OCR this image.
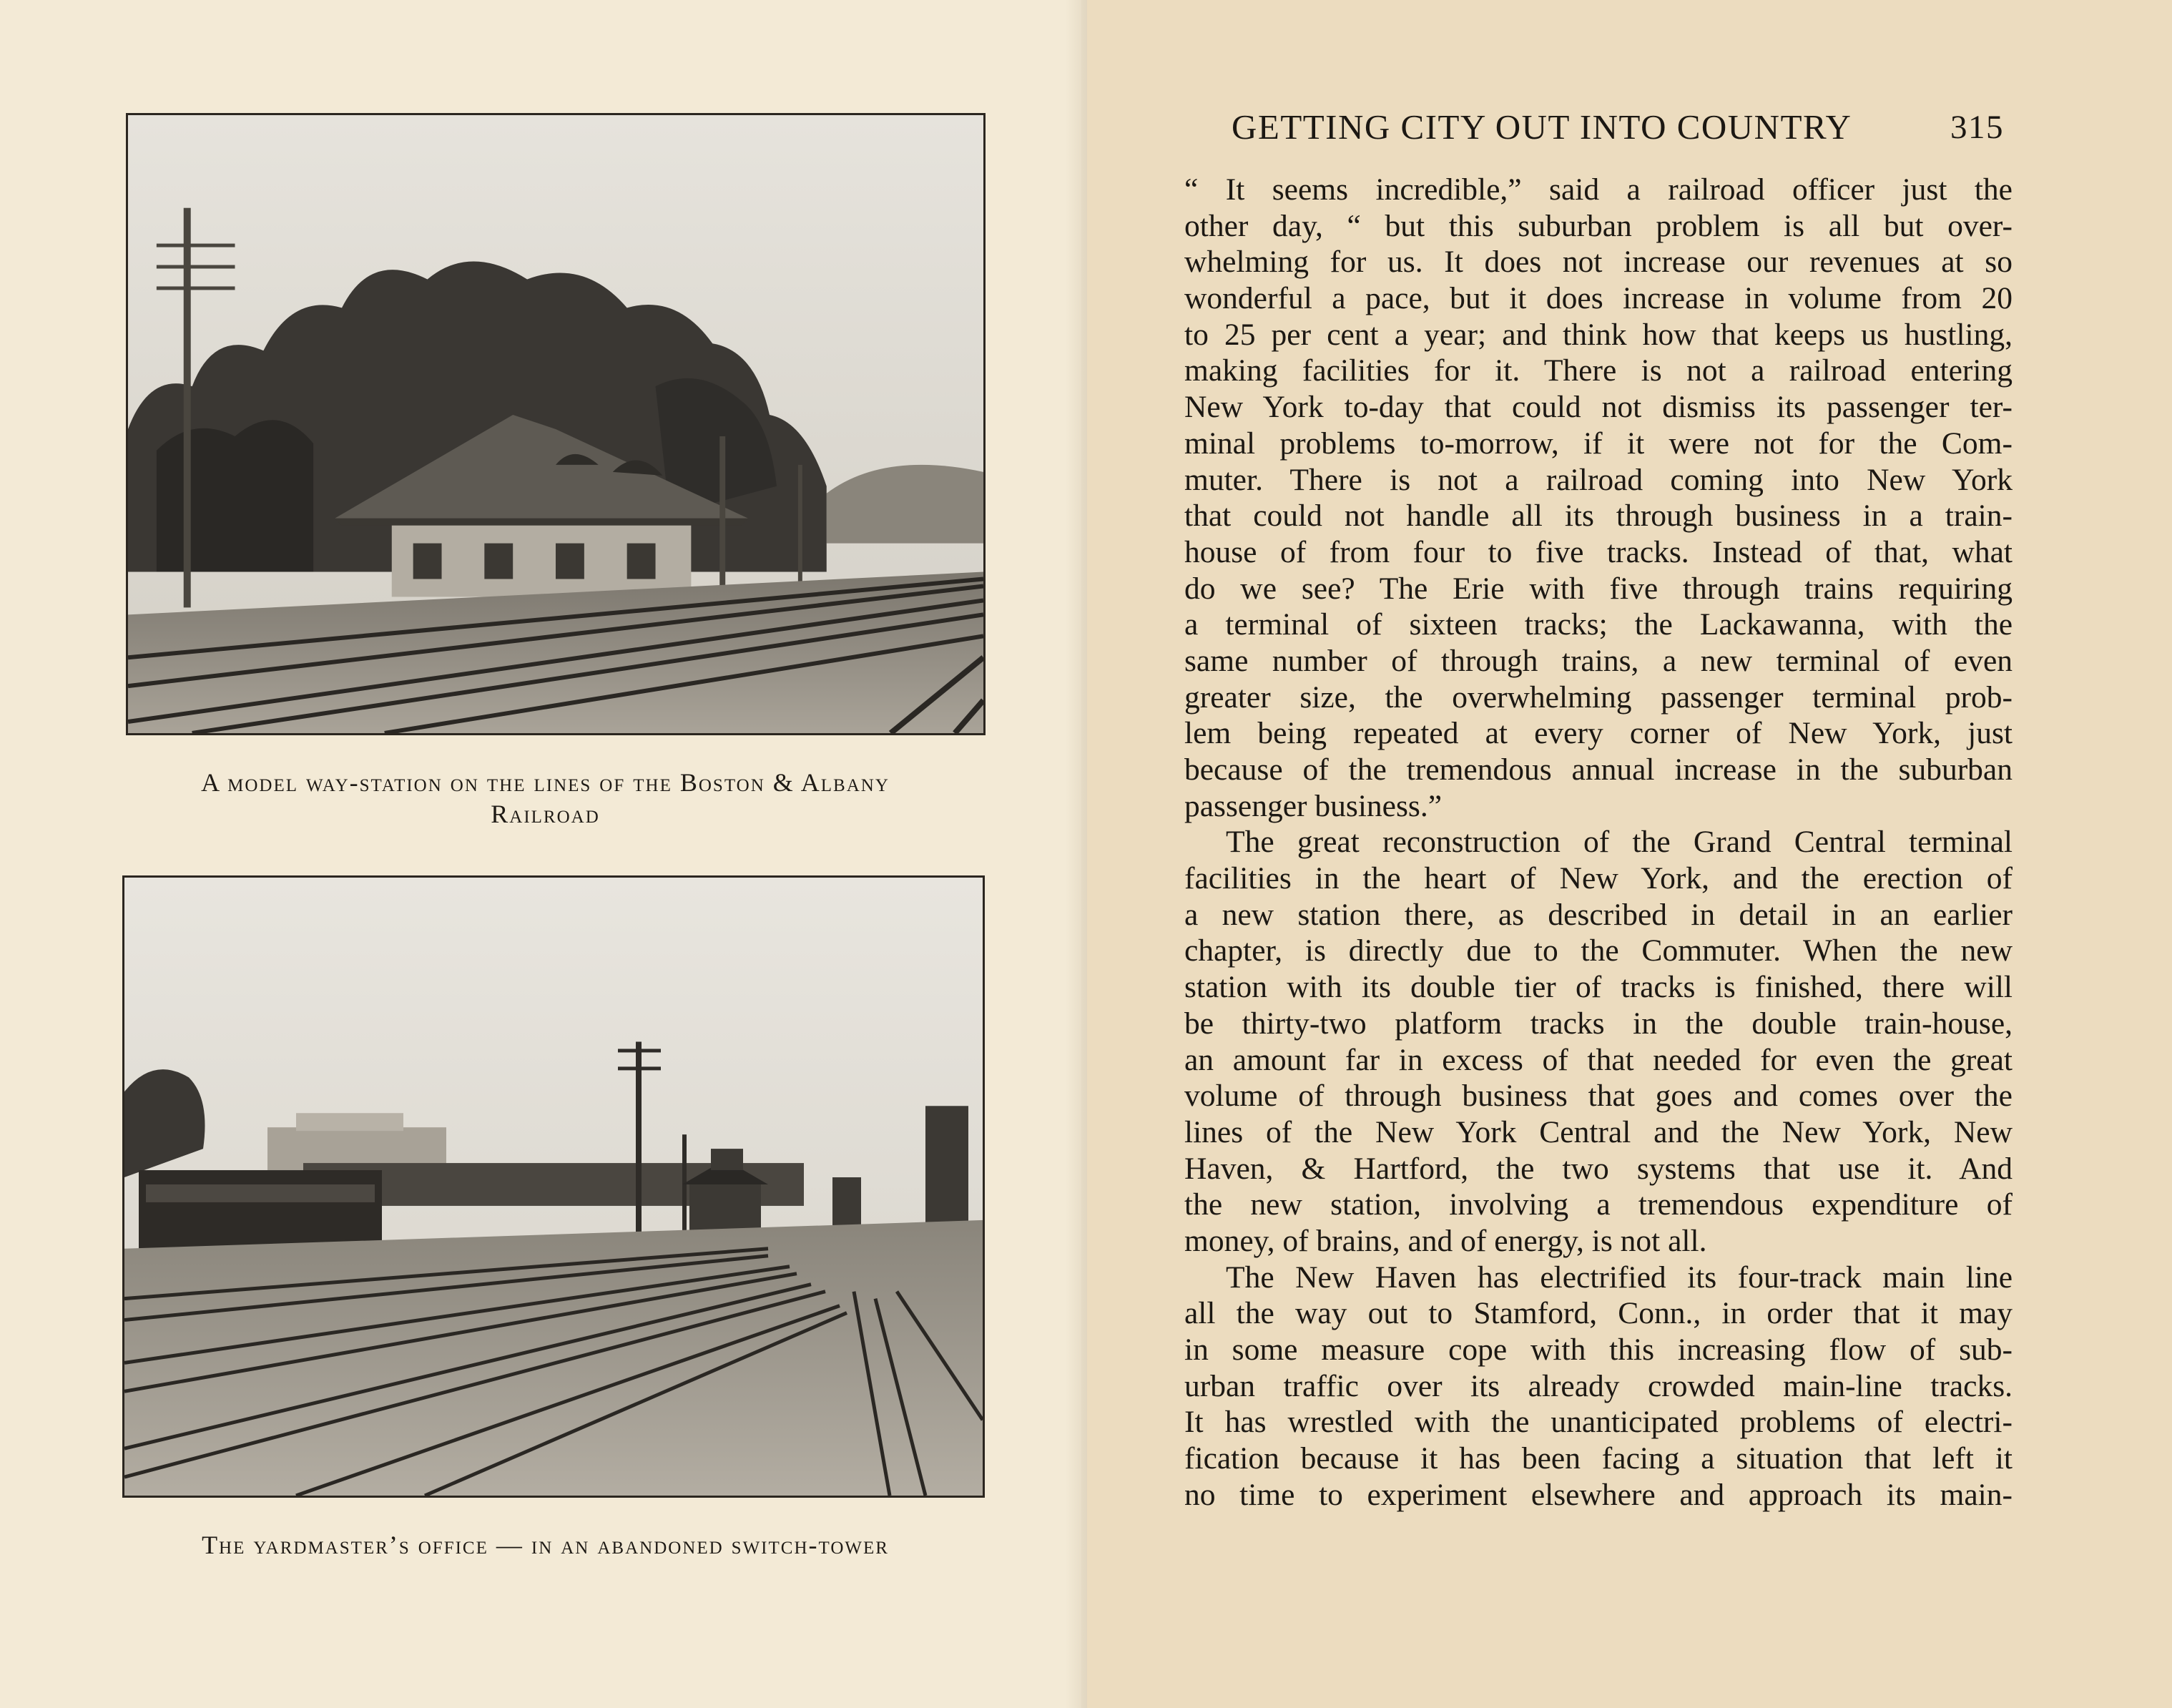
A model way-station on the lines of the Boston & Albany
Railroad
The yardmaster’s office — in an abandoned switch-tower
GETTING CITY OUT INTO COUNTRY	315
“ It seems incredible,” said a railroad officer just the
other day, “ but this suburban problem is all but over-
whelming for us. It does not increase our revenues at so
wonderful a pace, but it does increase in volume from 20
to 25 per cent a year; and think how that keeps us hustling,
making facilities for it. There is not a railroad entering
New York to-day that could not dismiss its passenger ter-
minal problems to-morrow, if it were not for the Com-
muter. There is not a railroad coming into New York
that could not handle all its through business in a train-
house of from four to five tracks. Instead of that, what
do we see? The Erie with five through trains requiring
a terminal of sixteen tracks; the Lackawanna, with the
same number of through trains, a new terminal of even
greater size, the overwhelming passenger terminal prob-
lem being repeated at every corner of New York, just
because of the tremendous annual increase in the suburban
passenger business.”
The great reconstruction of the Grand Central terminal
facilities in the heart of New York, and the erection of
a new station there, as described in detail in an earlier
chapter, is directly due to the Commuter. When the new
station with its double tier of tracks is finished, there will
be thirty-two platform tracks in the double train-house,
an amount far in excess of that needed for even the great
volume of through business that goes and comes over the
lines of the New York Central and the New York, New
Haven, & Hartford, the two systems that use it. And
the new station, involving a tremendous expenditure of
money, of brains, and of energy, is not all.
The New Haven has electrified its four-track main line
all the way out to Stamford, Conn., in order that it may
in some measure cope with this increasing flow of sub-
urban traffic over its already crowded main-line tracks.
It has wrestled with the unanticipated problems of electri-
fication because it has been facing a situation that left it
no time to experiment elsewhere and approach its main-
